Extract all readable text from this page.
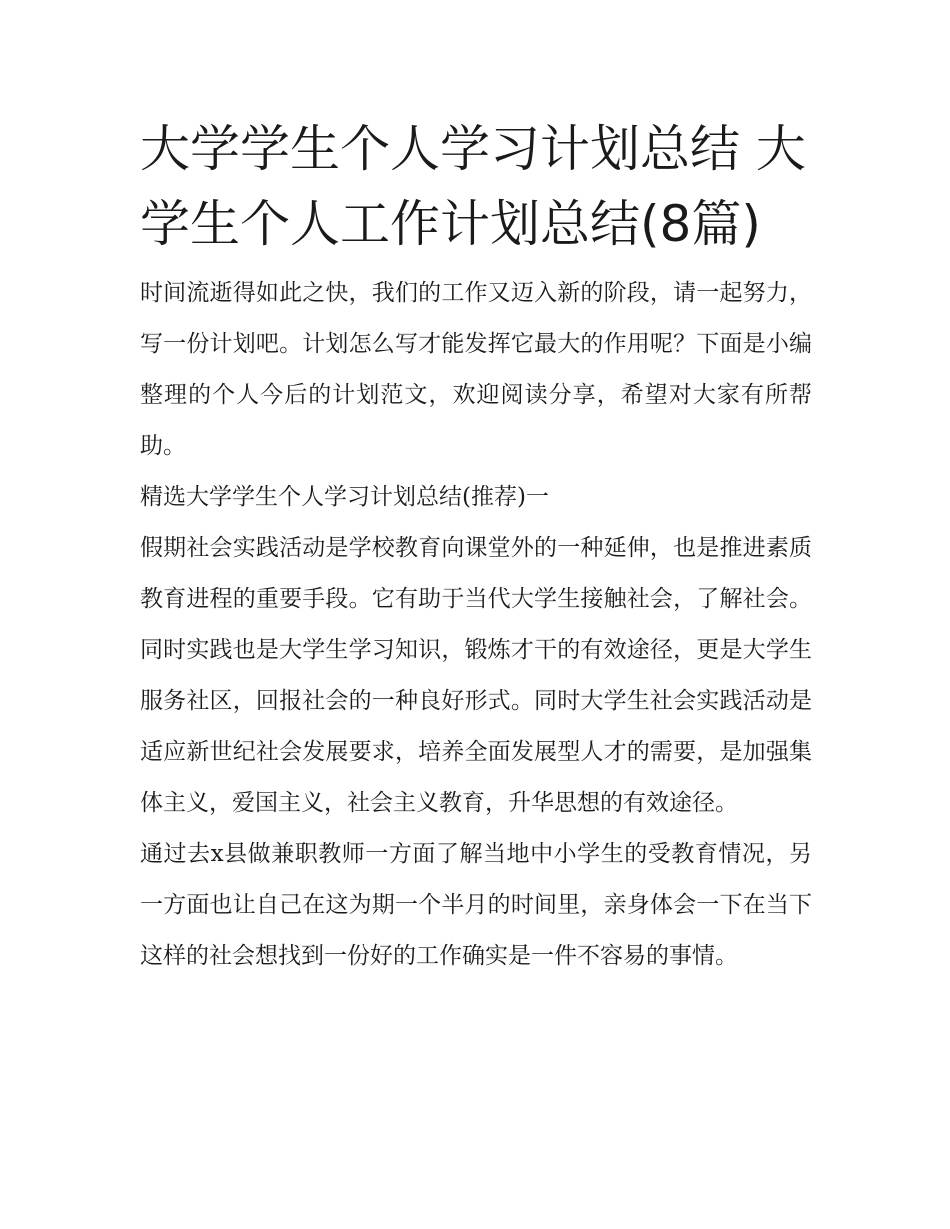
大学学生个人学习计划总结 大学生个人工作计划总结(8篇)

时间流逝得如此之快，我们的工作又迈入新的阶段，请一起努力，写一份计划吧。计划怎么写才能发挥它最大的作用呢？下面是小编整理的个人今后的计划范文，欢迎阅读分享，希望对大家有所帮助。

精选大学学生个人学习计划总结(推荐)一

假期社会实践活动是学校教育向课堂外的一种延伸，也是推进素质教育进程的重要手段。它有助于当代大学生接触社会，了解社会。同时实践也是大学生学习知识，锻炼才干的有效途径，更是大学生服务社区，回报社会的一种良好形式。同时大学生社会实践活动是适应新世纪社会发展要求，培养全面发展型人才的需要，是加强集体主义，爱国主义，社会主义教育，升华思想的有效途径。

通过去x县做兼职教师一方面了解当地中小学生的受教育情况，另一方面也让自己在这为期一个半月的时间里，亲身体会一下在当下这样的社会想找到一份好的工作确实是一件不容易的事情。
